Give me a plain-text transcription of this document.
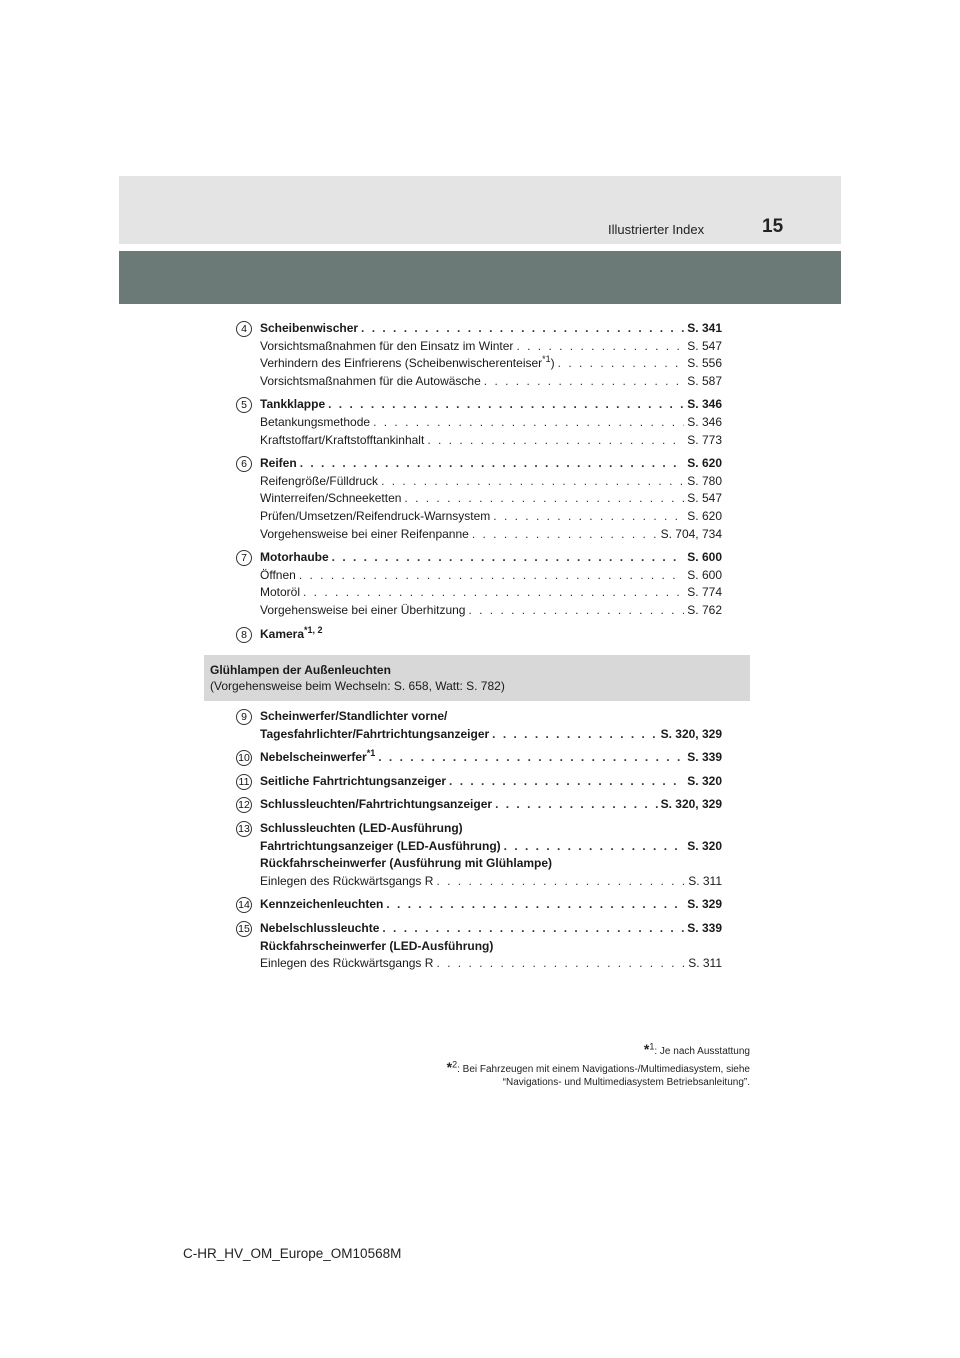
Illustrierter Index	15
4	Scheibenwischer . . .	S. 341
Vorsichtsmaßnahmen für den Einsatz im Winter . . .	S. 547
Verhindern des Einfrierens (Scheibenwischerenteiser$^{*1}$) . . .	S. 556
Vorsichtsmaßnahmen für die Autowäsche . . .	S. 587
5	Tankklappe . . .	S. 346
Betankungsmethode . . .	S. 346
Kraftstoffart/Kraftstofftankinhalt . . .	S. 773
6	Reifen . . .	S. 620
Reifengröße/Fülldruck . . .	S. 780
Winterreifen/Schneeketten . . .	S. 547
Prüfen/Umsetzen/Reifendruck-Warnsystem . . .	S. 620
Vorgehensweise bei einer Reifenpanne . . .	S. 704, 734
7	Motorhaube . . .	S. 600
Öffnen . . .	S. 600
Motoröl . . .	S. 774
Vorgehensweise bei einer Überhitzung . . .	S. 762
8	Kamera$^{*1, 2}$
Glühlampen der Außenleuchten
(Vorgehensweise beim Wechseln: S. 658, Watt: S. 782)
9	Scheinwerfer/Standlichter vorne/
Tagesfahrlichter/Fahrtrichtungsanzeiger . . .	S. 320, 329
10 Nebelscheinwerfer$^{*1}$ . . .	S. 339
11 Seitliche Fahrtrichtungsanzeiger . . .	S. 320
12 Schlussleuchten/Fahrtrichtungsanzeiger . . .	S. 320, 329
13 Schlussleuchten (LED-Ausführung)
Fahrtrichtungsanzeiger (LED-Ausführung) . . .	S. 320
Rückfahrscheinwerfer (Ausführung mit Glühlampe)
Einlegen des Rückwärtsgangs R . . .	S. 311
14 Kennzeichenleuchten . . .	S. 329
15 Nebelschlussleuchte . . .	S. 339
Rückfahrscheinwerfer (LED-Ausführung)
Einlegen des Rückwärtsgangs R . . .	S. 311
*$^1$: Je nach Ausstattung
*$^2$: Bei Fahrzeugen mit einem Navigations-/Multimediasystem, siehe
“Navigations- und Multimediasystem Betriebsanleitung”.
C-HR_HV_OM_Europe_OM10568M
